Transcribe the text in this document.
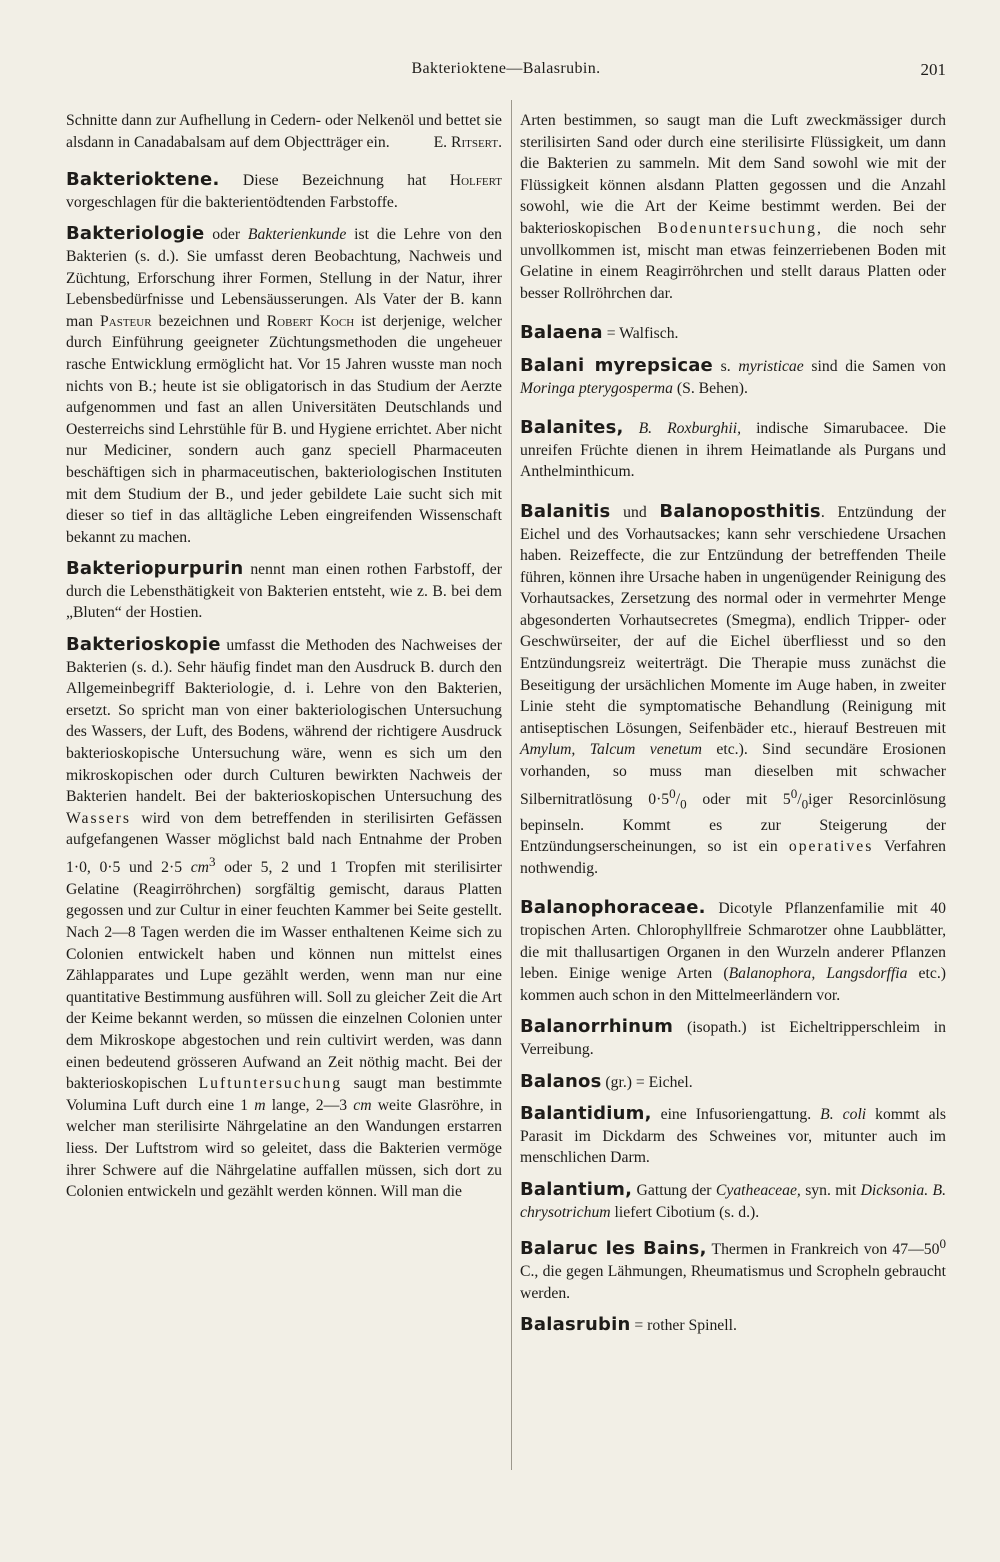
Bakterioktene—Balasrubin.	201

Schnitte dann zur Aufhellung in Cedern- oder Nelkenöl und bettet sie alsdann in Canadabalsam auf dem Objectträger ein.	E. Ritsert.

Bakterioktene. Diese Bezeichnung hat Holfert vorgeschlagen für die bakterientödtenden Farbstoffe.

Bakteriologie oder Bakterienkunde ist die Lehre von den Bakterien (s. d.). Sie umfasst deren Beobachtung, Nachweis und Züchtung, Erforschung ihrer Formen, Stellung in der Natur, ihrer Lebensbedürfnisse und Lebensäusserungen. Als Vater der B. kann man Pasteur bezeichnen und Robert Koch ist derjenige, welcher durch Einführung geeigneter Züchtungsmethoden die ungeheuer rasche Entwicklung ermöglicht hat. Vor 15 Jahren wusste man noch nichts von B.; heute ist sie obligatorisch in das Studium der Aerzte aufgenommen und fast an allen Universitäten Deutschlands und Oesterreichs sind Lehrstühle für B. und Hygiene errichtet. Aber nicht nur Mediciner, sondern auch ganz speciell Pharmaceuten beschäftigen sich in pharmaceutischen, bakteriologischen Instituten mit dem Studium der B., und jeder gebildete Laie sucht sich mit dieser so tief in das alltägliche Leben eingreifenden Wissenschaft bekannt zu machen.

Bakteriopurpurin nennt man einen rothen Farbstoff, der durch die Lebensthätigkeit von Bakterien entsteht, wie z. B. bei dem „Bluten“ der Hostien.

Bakterioskopie umfasst die Methoden des Nachweises der Bakterien (s. d.). Sehr häufig findet man den Ausdruck B. durch den Allgemeinbegriff Bakteriologie, d. i. Lehre von den Bakterien, ersetzt. So spricht man von einer bakteriologischen Untersuchung des Wassers, der Luft, des Bodens, während der richtigere Ausdruck bakterioskopische Untersuchung wäre, wenn es sich um den mikroskopischen oder durch Culturen bewirkten Nachweis der Bakterien handelt. Bei der bakterioskopischen Untersuchung des Wassers wird von dem betreffenden in sterilisirten Gefässen aufgefangenen Wasser möglichst bald nach Entnahme der Proben 1·0, 0·5 und 2·5 $cm^3$ oder 5, 2 und 1 Tropfen mit sterilisirter Gelatine (Reagirröhrchen) sorgfältig gemischt, daraus Platten gegossen und zur Cultur in einer feuchten Kammer bei Seite gestellt. Nach 2—8 Tagen werden die im Wasser enthaltenen Keime sich zu Colonien entwickelt haben und können nun mittelst eines Zählapparates und Lupe gezählt werden, wenn man nur eine quantitative Bestimmung ausführen will. Soll zu gleicher Zeit die Art der Keime bekannt werden, so müssen die einzelnen Colonien unter dem Mikroskope abgestochen und rein cultivirt werden, was dann einen bedeutend grösseren Aufwand an Zeit nöthig macht. Bei der bakterioskopischen Luftuntersuchung saugt man bestimmte Volumina Luft durch eine 1 m lange, 2—3 cm weite Glasröhre, in welcher man sterilisirte Nährgelatine an den Wandungen erstarren liess. Der Luftstrom wird so geleitet, dass die Bakterien vermöge ihrer Schwere auf die Nährgelatine auffallen müssen, sich dort zu Colonien entwickeln und gezählt werden können. Will man die

Arten bestimmen, so saugt man die Luft zweckmässiger durch sterilisirten Sand oder durch eine sterilisirte Flüssigkeit, um dann die Bakterien zu sammeln. Mit dem Sand sowohl wie mit der Flüssigkeit können alsdann Platten gegossen und die Anzahl sowohl, wie die Art der Keime bestimmt werden. Bei der bakterioskopischen Bodenuntersuchung, die noch sehr unvollkommen ist, mischt man etwas feinzerriebenen Boden mit Gelatine in einem Reagirröhrchen und stellt daraus Platten oder besser Rollröhrchen dar.

Balaena = Walfisch.

Balani myrepsicae s. myristicae sind die Samen von Moringa pterygosperma (S. Behen).

Balanites, B. Roxburghii, indische Simarubacee. Die unreifen Früchte dienen in ihrem Heimatlande als Purgans und Anthelminthicum.

Balanitis und Balanoposthitis. Entzündung der Eichel und des Vorhautsackes; kann sehr verschiedene Ursachen haben. Reizeffecte, die zur Entzündung der betreffenden Theile führen, können ihre Ursache haben in ungenügender Reinigung des Vorhautsackes, Zersetzung des normal oder in vermehrter Menge abgesonderten Vorhautsecretes (Smegma), endlich Tripper- oder Geschwürseiter, der auf die Eichel überfliesst und so den Entzündungsreiz weiterträgt. Die Therapie muss zunächst die Beseitigung der ursächlichen Momente im Auge haben, in zweiter Linie steht die symptomatische Behandlung (Reinigung mit antiseptischen Lösungen, Seifenbäder etc., hierauf Bestreuen mit Amylum, Talcum venetum etc.). Sind secundäre Erosionen vorhanden, so muss man dieselben mit schwacher Silbernitratlösung $0\cdot 5^0/_0$ oder mit $5^0/_0iger$ Resorcinlösung bepinseln. Kommt es zur Steigerung der Entzündungserscheinungen, so ist ein operatives Verfahren nothwendig.

Balanophoraceae. Dicotyle Pflanzenfamilie mit 40 tropischen Arten. Chlorophyllfreie Schmarotzer ohne Laubblätter, die mit thallusartigen Organen in den Wurzeln anderer Pflanzen leben. Einige wenige Arten (Balanophora, Langsdorffia etc.) kommen auch schon in den Mittelmeerländern vor.

Balanorrhinum (isopath.) ist Eicheltripperschleim in Verreibung.

Balanos (gr.) = Eichel.

Balantidium, eine Infusoriengattung. B. coli kommt als Parasit im Dickdarm des Schweines vor, mitunter auch im menschlichen Darm.

Balantium, Gattung der Cyatheaceae, syn. mit Dicksonia. B. chrysotrichum liefert Cibotium (s. d.).

Balaruc les Bains, Thermen in Frankreich von $47—50^0$ C., die gegen Lähmungen, Rheumatismus und Scropheln gebraucht werden.

Balasrubin = rother Spinell.
